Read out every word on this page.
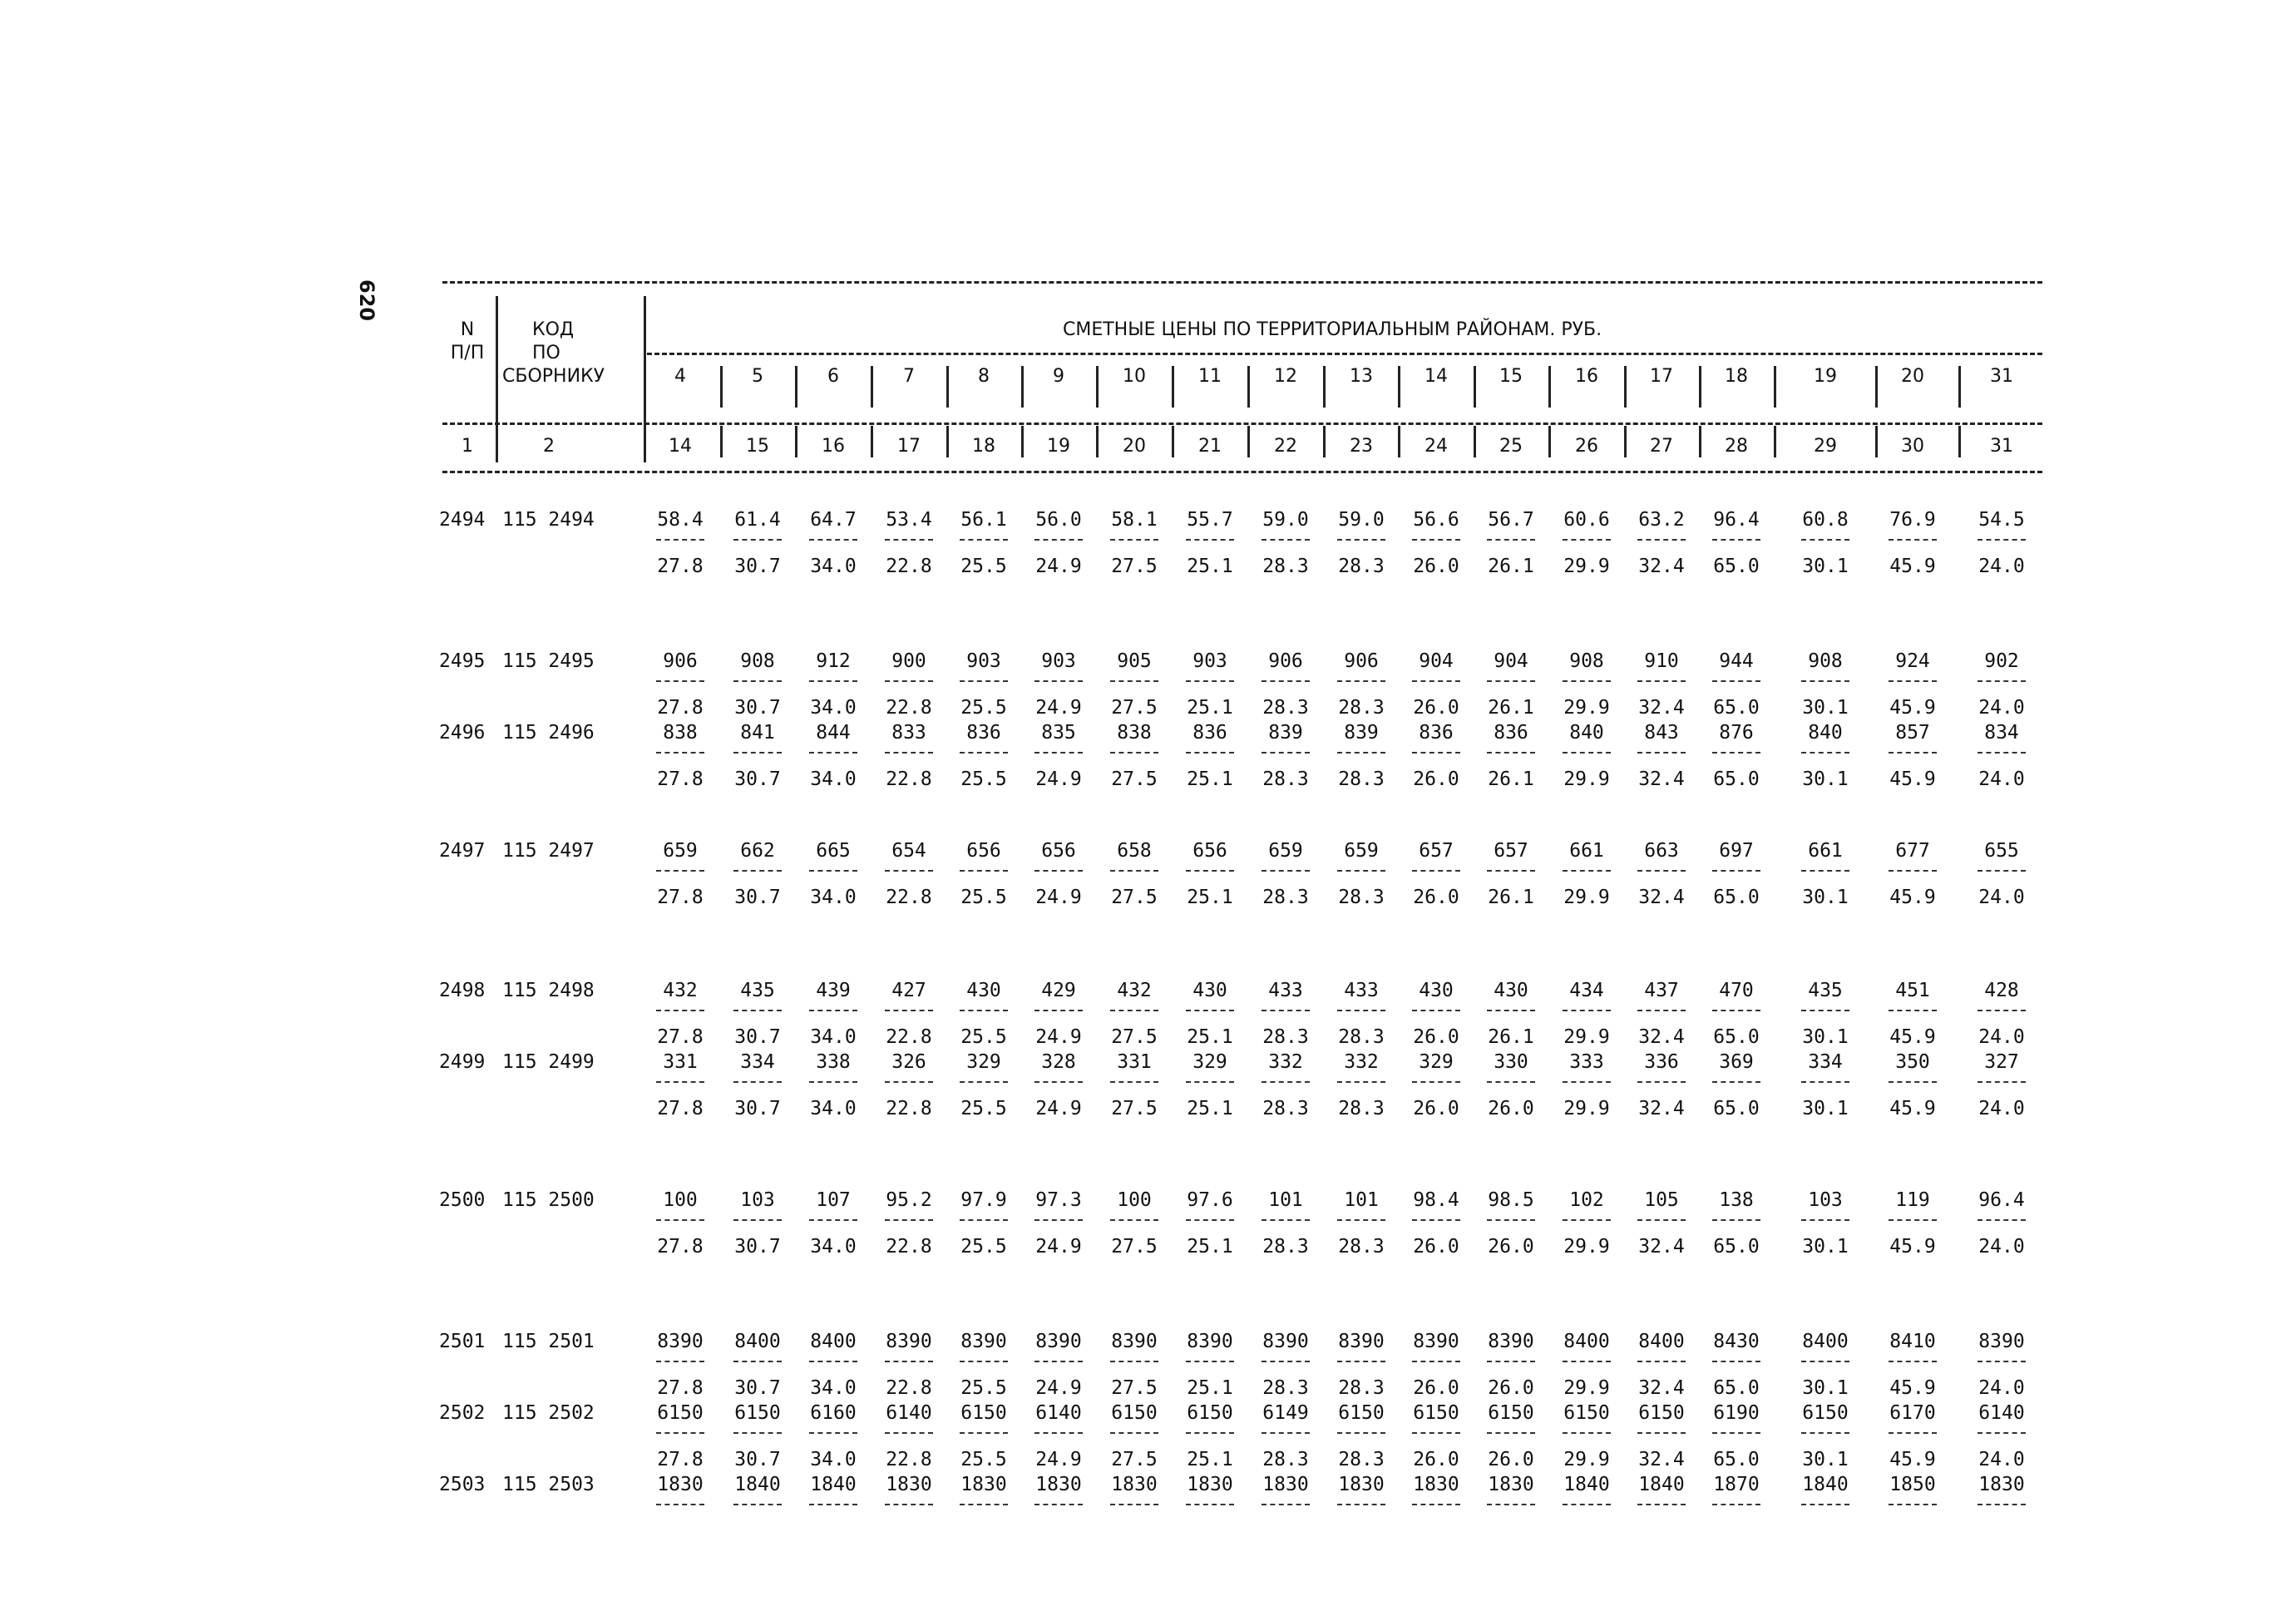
620
N
П/П
КОД
ПО
СБОРНИКУ
СМЕТНЫЕ ЦЕНЫ ПО ТЕРРИТОРИАЛЬНЫМ РАЙОНАМ. РУБ.
4	5	6	7	8	9	10	11	12	13	14	15	16	17	18	19	20	31
1	2	14	15	16	17	18	19	20	21	22	23	24	25	26	27	28	29	30	31
2494 115 2494	58.4	61.4	64.7	53.4	56.1	56.0	58.1	55.7	59.0	59.0	56.6	56.7	60.6	63.2	96.4	60.8	76.9	54.5
27.8	30.7	34.0	22.8	25.5	24.9	27.5	25.1	28.3	28.3	26.0	26.1	29.9	32.4	65.0	30.1	45.9	24.0
2495 115 2495	906	908	912	900	903	903	905	903	906	906	904	904	908	910	944	908	924	902
27.8	30.7	34.0	22.8	25.5	24.9	27.5	25.1	28.3	28.3	26.0	26.1	29.9	32.4	65.0	30.1	45.9	24.0
2496 115 2496	838	841	844	833	836	835	838	836	839	839	836	836	840	843	876	840	857	834
27.8	30.7	34.0	22.8	25.5	24.9	27.5	25.1	28.3	28.3	26.0	26.1	29.9	32.4	65.0	30.1	45.9	24.0
2497 115 2497	659	662	665	654	656	656	658	656	659	659	657	657	661	663	697	661	677	655
27.8	30.7	34.0	22.8	25.5	24.9	27.5	25.1	28.3	28.3	26.0	26.1	29.9	32.4	65.0	30.1	45.9	24.0
2498 115 2498	432	435	439	427	430	429	432	430	433	433	430	430	434	437	470	435	451	428
27.8	30.7	34.0	22.8	25.5	24.9	27.5	25.1	28.3	28.3	26.0	26.1	29.9	32.4	65.0	30.1	45.9	24.0
2499 115 2499	331	334	338	326	329	328	331	329	332	332	329	330	333	336	369	334	350	327
27.8	30.7	34.0	22.8	25.5	24.9	27.5	25.1	28.3	28.3	26.0	26.0	29.9	32.4	65.0	30.1	45.9	24.0
2500 115 2500	100	103	107	95.2	97.9	97.3	100	97.6	101	101	98.4	98.5	102	105	138	103	119	96.4
27.8	30.7	34.0	22.8	25.5	24.9	27.5	25.1	28.3	28.3	26.0	26.0	29.9	32.4	65.0	30.1	45.9	24.0
2501 115 2501	8390	8400	8400	8390	8390	8390	8390	8390	8390	8390	8390	8390	8400	8400	8430	8400	8410	8390
27.8	30.7	34.0	22.8	25.5	24.9	27.5	25.1	28.3	28.3	26.0	26.0	29.9	32.4	65.0	30.1	45.9	24.0
2502 115 2502	6150	6150	6160	6140	6150	6140	6150	6150	6149	6150	6150	6150	6150	6150	6190	6150	6170	6140
27.8	30.7	34.0	22.8	25.5	24.9	27.5	25.1	28.3	28.3	26.0	26.0	29.9	32.4	65.0	30.1	45.9	24.0
2503 115 2503	1830	1840	1840	1830	1830	1830	1830	1830	1830	1830	1830	1830	1840	1840	1870	1840	1850	1830
